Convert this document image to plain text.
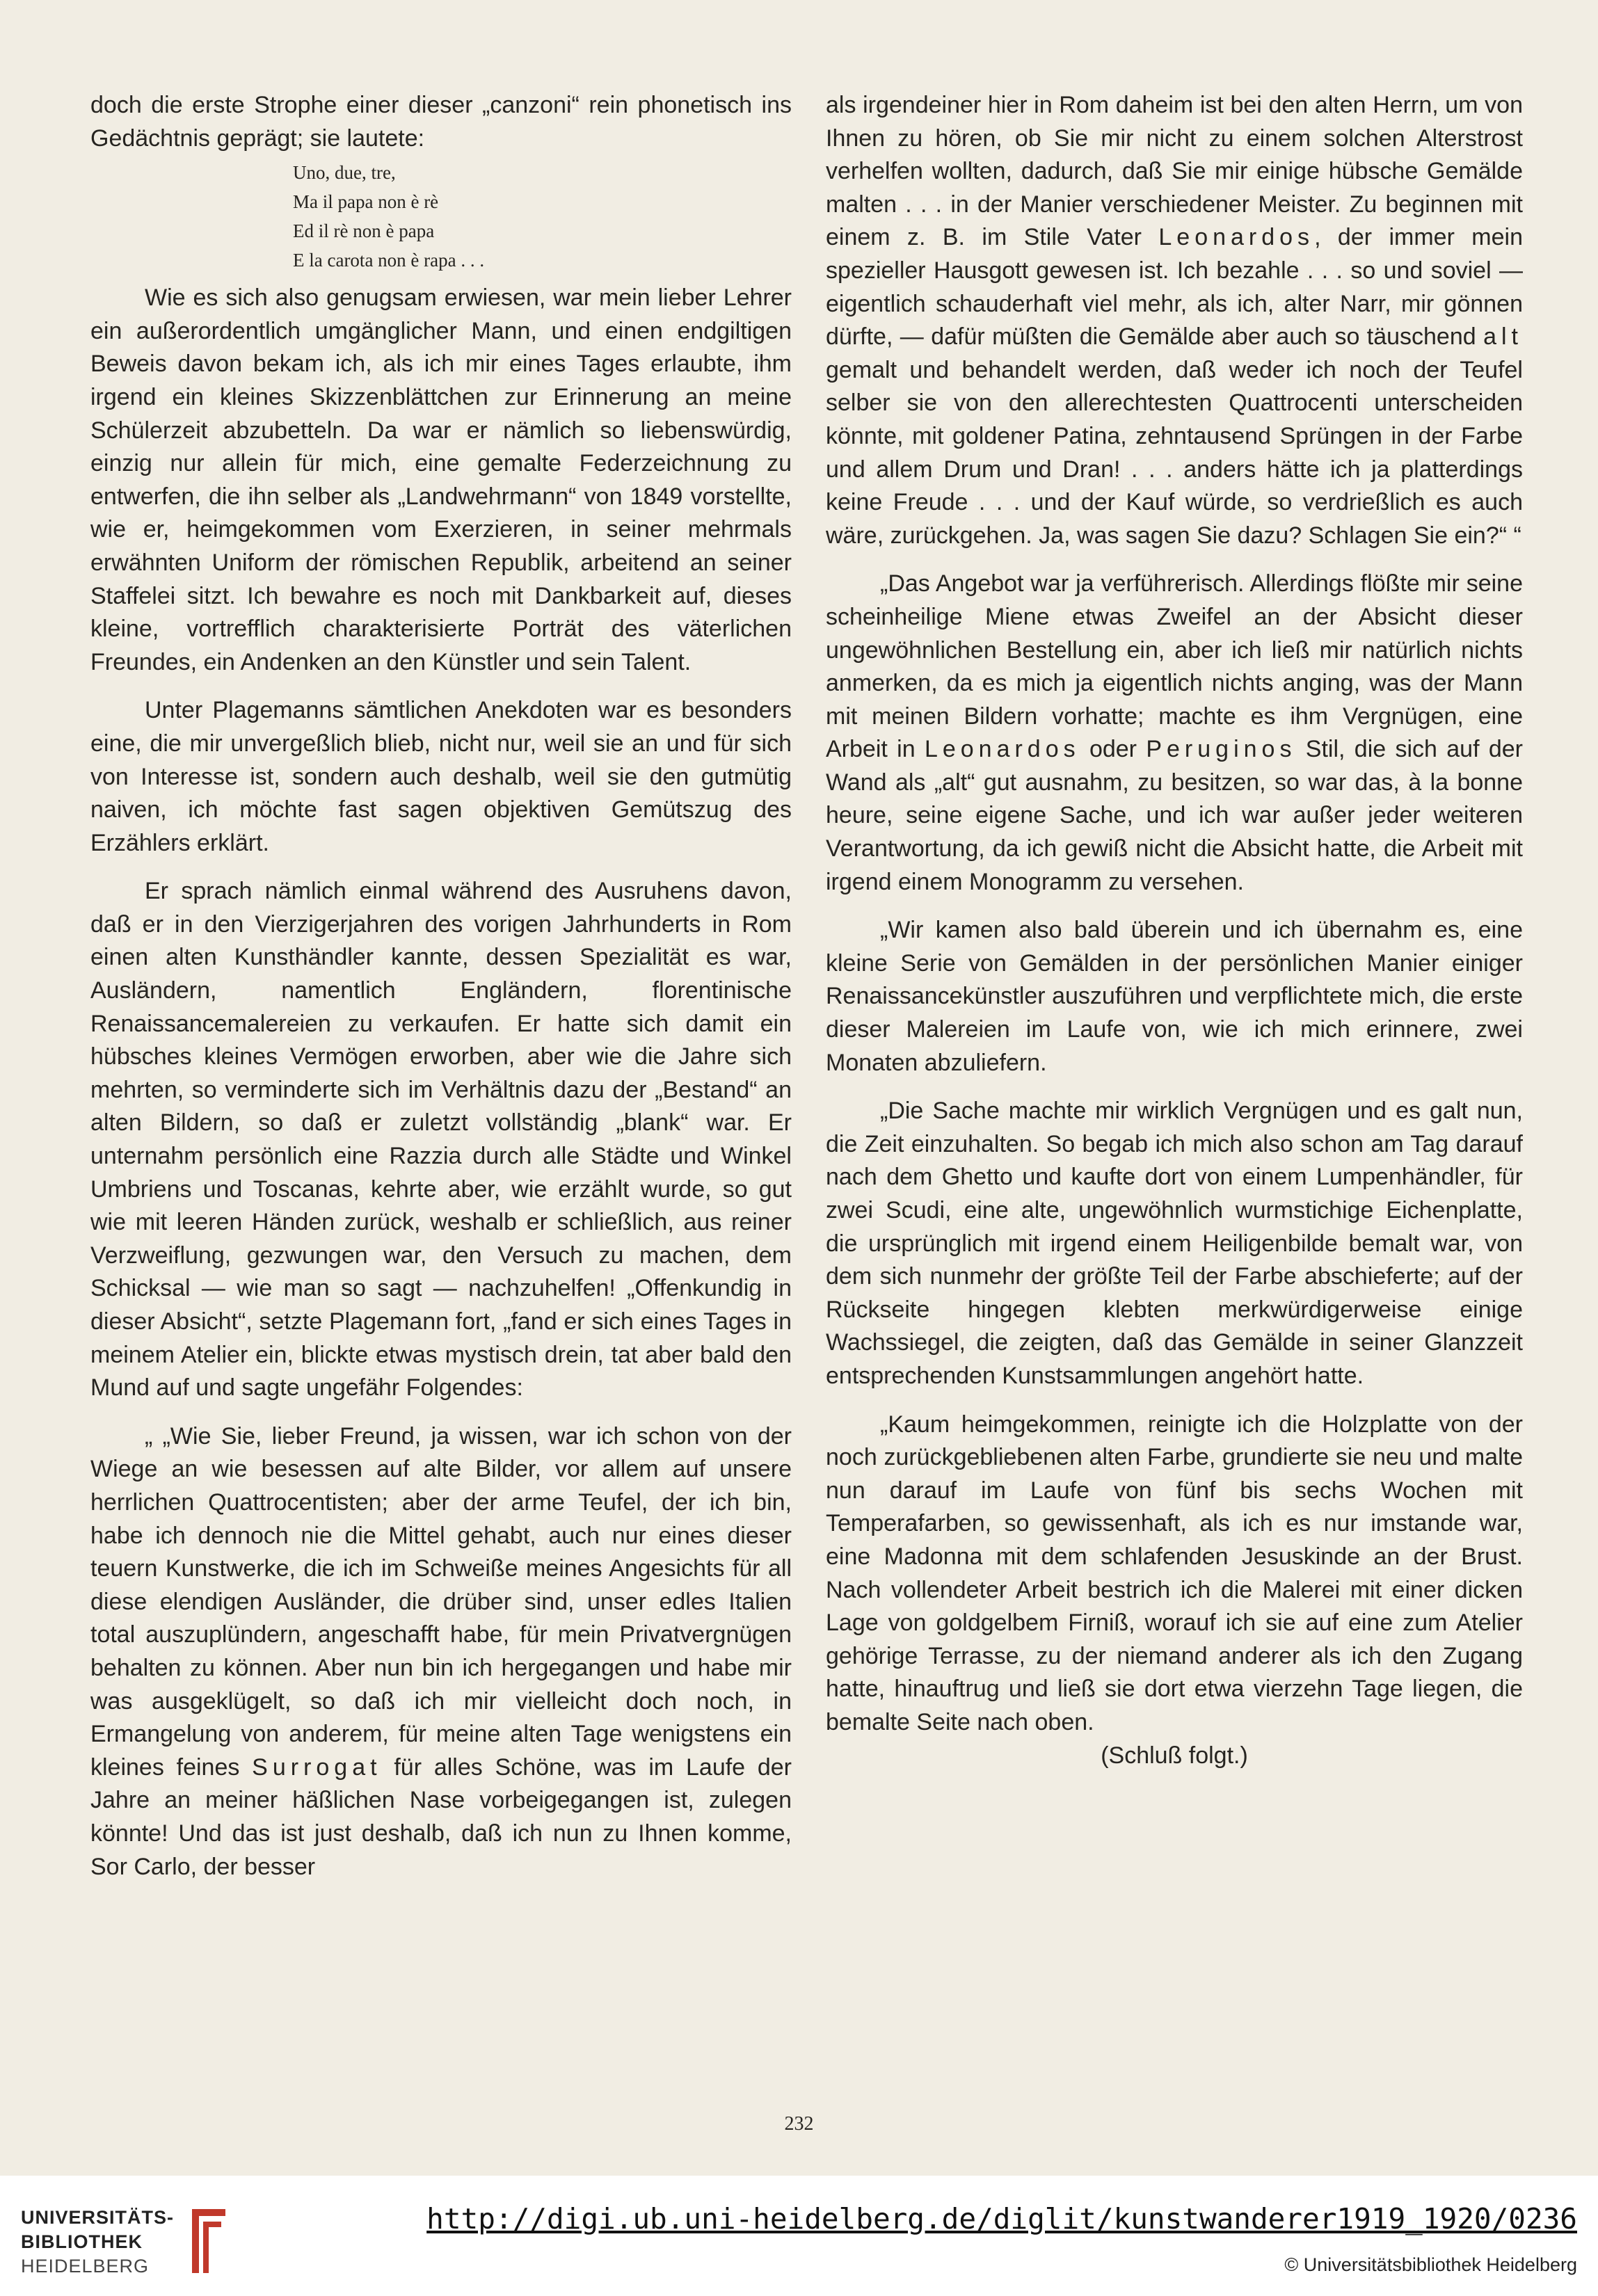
doch die erste Strophe einer dieser „canzoni“ rein phonetisch ins Gedächtnis geprägt; sie lautete:

Uno, due, tre,
Ma il papa non è rè
Ed il rè non è papa
E la carota non è rapa . . .

Wie es sich also genugsam erwiesen, war mein lieber Lehrer ein außerordentlich umgänglicher Mann, und einen endgiltigen Beweis davon bekam ich, als ich mir eines Tages erlaubte, ihm irgend ein kleines Skizzenblättchen zur Erinnerung an meine Schülerzeit abzubetteln. Da war er nämlich so liebenswürdig, einzig nur allein für mich, eine gemalte Federzeichnung zu entwerfen, die ihn selber als „Landwehrmann“ von 1849 vorstellte, wie er, heimgekommen vom Exerzieren, in seiner mehrmals erwähnten Uniform der römischen Republik, arbeitend an seiner Staffelei sitzt. Ich bewahre es noch mit Dankbarkeit auf, dieses kleine, vortrefflich charakterisierte Porträt des väterlichen Freundes, ein Andenken an den Künstler und sein Talent.

Unter Plagemanns sämtlichen Anekdoten war es besonders eine, die mir unvergeßlich blieb, nicht nur, weil sie an und für sich von Interesse ist, sondern auch deshalb, weil sie den gutmütig naiven, ich möchte fast sagen objektiven Gemütszug des Erzählers erklärt.

Er sprach nämlich einmal während des Ausruhens davon, daß er in den Vierzigerjahren des vorigen Jahrhunderts in Rom einen alten Kunsthändler kannte, dessen Spezialität es war, Ausländern, namentlich Engländern, florentinische Renaissancemalereien zu verkaufen. Er hatte sich damit ein hübsches kleines Vermögen erworben, aber wie die Jahre sich mehrten, so verminderte sich im Verhältnis dazu der „Bestand“ an alten Bildern, so daß er zuletzt vollständig „blank“ war. Er unternahm persönlich eine Razzia durch alle Städte und Winkel Umbriens und Toscanas, kehrte aber, wie erzählt wurde, so gut wie mit leeren Händen zurück, weshalb er schließlich, aus reiner Verzweiflung, gezwungen war, den Versuch zu machen, dem Schicksal — wie man so sagt — nachzuhelfen! „Offenkundig in dieser Absicht“, setzte Plagemann fort, „fand er sich eines Tages in meinem Atelier ein, blickte etwas mystisch drein, tat aber bald den Mund auf und sagte ungefähr Folgendes:

„ „Wie Sie, lieber Freund, ja wissen, war ich schon von der Wiege an wie besessen auf alte Bilder, vor allem auf unsere herrlichen Quattrocentisten; aber der arme Teufel, der ich bin, habe ich dennoch nie die Mittel gehabt, auch nur eines dieser teuern Kunstwerke, die ich im Schweiße meines Angesichts für all diese elendigen Ausländer, die drüber sind, unser edles Italien total auszuplündern, angeschafft habe, für mein Privatvergnügen behalten zu können. Aber nun bin ich hergegangen und habe mir was ausgeklügelt, so daß ich mir vielleicht doch noch, in Ermangelung von anderem, für meine alten Tage wenigstens ein kleines feines Surrogat für alles Schöne, was im Laufe der Jahre an meiner häßlichen Nase vorbeigegangen ist, zulegen könnte! Und das ist just deshalb, daß ich nun zu Ihnen komme, Sor Carlo, der besser

als irgendeiner hier in Rom daheim ist bei den alten Herrn, um von Ihnen zu hören, ob Sie mir nicht zu einem solchen Alterstrost verhelfen wollten, dadurch, daß Sie mir einige hübsche Gemälde malten . . . in der Manier verschiedener Meister. Zu beginnen mit einem z. B. im Stile Vater Leonardos, der immer mein spezieller Hausgott gewesen ist. Ich bezahle . . . so und soviel — eigentlich schauderhaft viel mehr, als ich, alter Narr, mir gönnen dürfte, — dafür müßten die Gemälde aber auch so täuschend alt gemalt und behandelt werden, daß weder ich noch der Teufel selber sie von den allerechtesten Quattrocenti unterscheiden könnte, mit goldener Patina, zehntausend Sprüngen in der Farbe und allem Drum und Dran! . . . anders hätte ich ja platterdings keine Freude . . . und der Kauf würde, so verdrießlich es auch wäre, zurückgehen. Ja, was sagen Sie dazu? Schlagen Sie ein?“ “

„Das Angebot war ja verführerisch. Allerdings flößte mir seine scheinheilige Miene etwas Zweifel an der Absicht dieser ungewöhnlichen Bestellung ein, aber ich ließ mir natürlich nichts anmerken, da es mich ja eigentlich nichts anging, was der Mann mit meinen Bildern vorhatte; machte es ihm Vergnügen, eine Arbeit in Leonardos oder Peruginos Stil, die sich auf der Wand als „alt“ gut ausnahm, zu besitzen, so war das, à la bonne heure, seine eigene Sache, und ich war außer jeder weiteren Verantwortung, da ich gewiß nicht die Absicht hatte, die Arbeit mit irgend einem Monogramm zu versehen.

„Wir kamen also bald überein und ich übernahm es, eine kleine Serie von Gemälden in der persönlichen Manier einiger Renaissancekünstler auszuführen und verpflichtete mich, die erste dieser Malereien im Laufe von, wie ich mich erinnere, zwei Monaten abzuliefern.

„Die Sache machte mir wirklich Vergnügen und es galt nun, die Zeit einzuhalten. So begab ich mich also schon am Tag darauf nach dem Ghetto und kaufte dort von einem Lumpenhändler, für zwei Scudi, eine alte, ungewöhnlich wurmstichige Eichenplatte, die ursprünglich mit irgend einem Heiligenbilde bemalt war, von dem sich nunmehr der größte Teil der Farbe abschieferte; auf der Rückseite hingegen klebten merkwürdigerweise einige Wachssiegel, die zeigten, daß das Gemälde in seiner Glanzzeit entsprechenden Kunstsammlungen angehört hatte.

„Kaum heimgekommen, reinigte ich die Holzplatte von der noch zurückgebliebenen alten Farbe, grundierte sie neu und malte nun darauf im Laufe von fünf bis sechs Wochen mit Temperafarben, so gewissenhaft, als ich es nur imstande war, eine Madonna mit dem schlafenden Jesuskinde an der Brust. Nach vollendeter Arbeit bestrich ich die Malerei mit einer dicken Lage von goldgelbem Firniß, worauf ich sie auf eine zum Atelier gehörige Terrasse, zu der niemand anderer als ich den Zugang hatte, hinauftrug und ließ sie dort etwa vierzehn Tage liegen, die bemalte Seite nach oben.

(Schluß folgt.)

232
UNIVERSITÄTS-
BIBLIOTHEK
HEIDELBERG
http://digi.ub.uni-heidelberg.de/diglit/kunstwanderer1919_1920/0236
© Universitätsbibliothek Heidelberg
